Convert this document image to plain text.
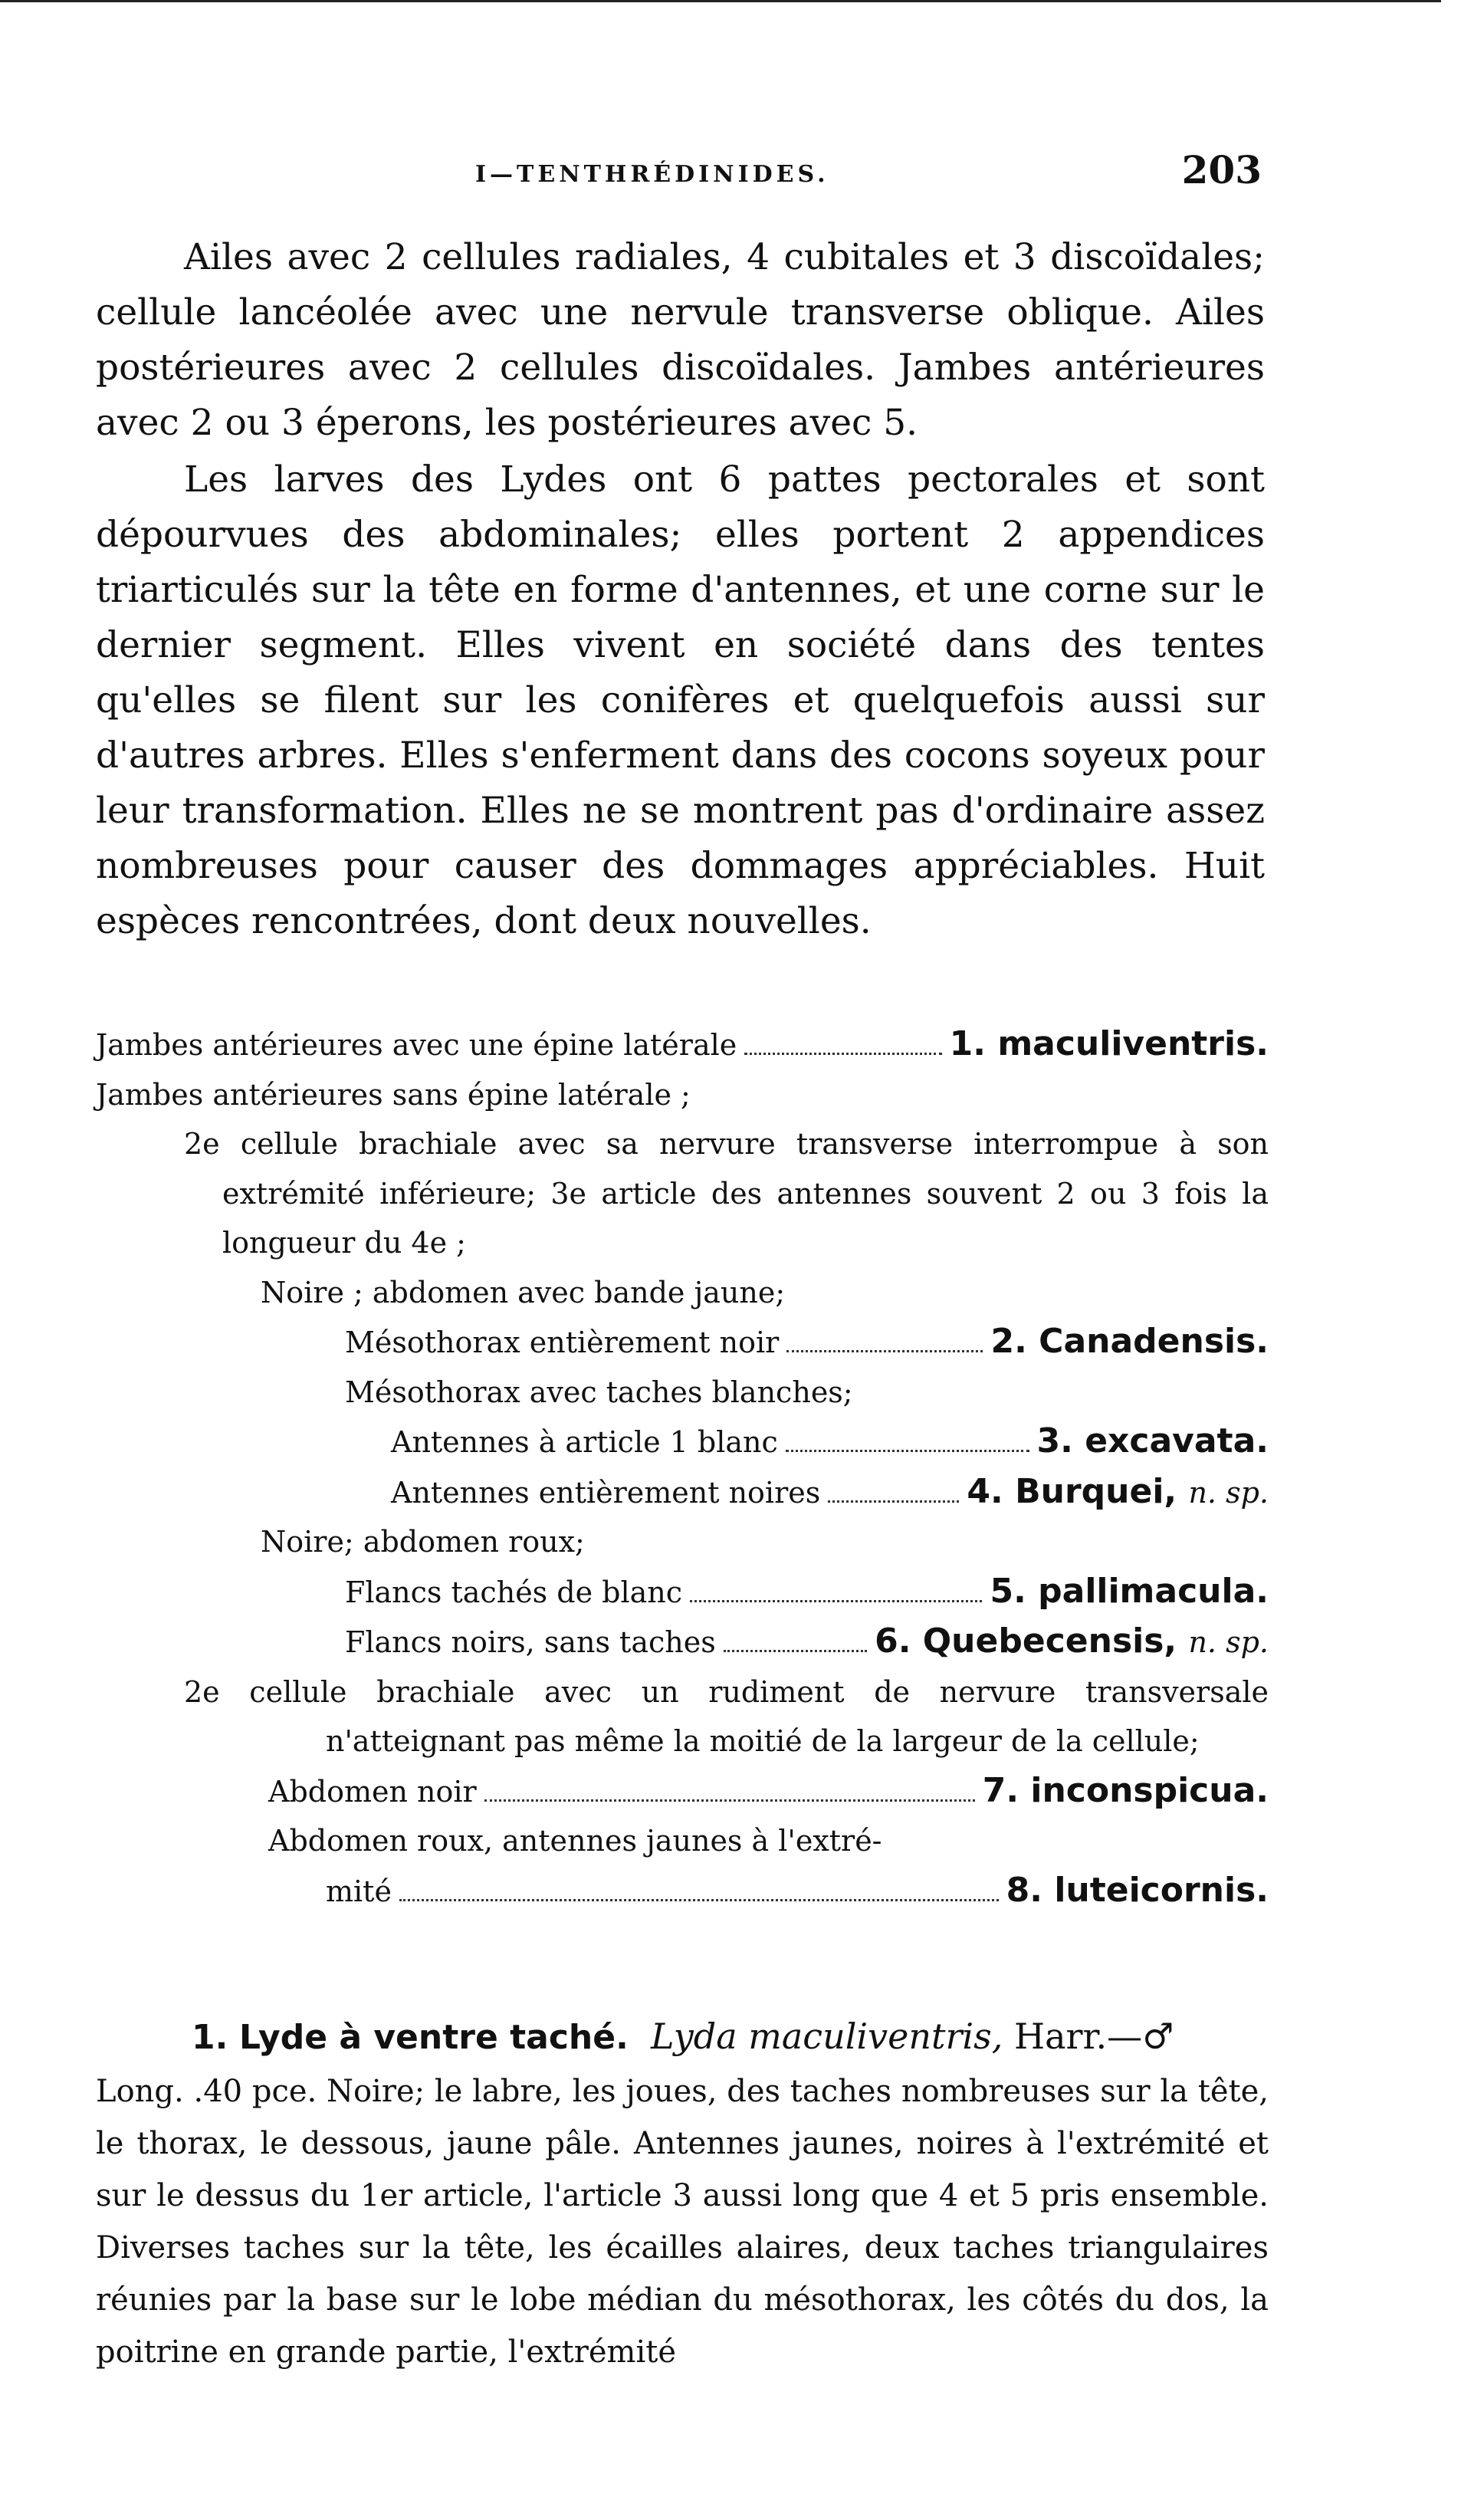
I—TENTHRÉDINIDES.	203
Ailes avec 2 cellules radiales, 4 cubitales et 3 discoïdales; cellule lancéolée avec une nervule transverse oblique. Ailes postérieures avec 2 cellules discoïdales. Jambes antérieures avec 2 ou 3 éperons, les postérieures avec 5.
Les larves des Lydes ont 6 pattes pectorales et sont dépourvues des abdominales; elles portent 2 appendices triarticulés sur la tête en forme d'antennes, et une corne sur le dernier segment. Elles vivent en société dans des tentes qu'elles se filent sur les conifères et quelquefois aussi sur d'autres arbres. Elles s'enferment dans des cocons soyeux pour leur transformation. Elles ne se montrent pas d'ordinaire assez nombreuses pour causer des dommages appréciables. Huit espèces rencontrées, dont deux nouvelles.
Jambes antérieures avec une épine latérale	1. maculiventris.
Jambes antérieures sans épine latérale ;
2e cellule brachiale avec sa nervure transverse interrompue à son extrémité inférieure; 3e article des antennes souvent 2 ou 3 fois la longueur du 4e ;
Noire ; abdomen avec bande jaune;
Mésothorax entièrement noir	2. Canadensis.
Mésothorax avec taches blanches;
Antennes à article 1 blanc	3. excavata.
Antennes entièrement noires	4. Burquei, n. sp.
Noire; abdomen roux;
Flancs tachés de blanc	5. pallimacula.
Flancs noirs, sans taches	6. Quebecensis, n. sp.
2e cellule brachiale avec un rudiment de nervure transversale n'atteignant pas même la moitié de la largeur de la cellule;
Abdomen noir	7. inconspicua.
Abdomen roux, antennes jaunes à l'extré-
mité	8. luteicornis.
1. Lyde à ventre taché. Lyda maculiventris, Harr.—♂
Long. .40 pce. Noire; le labre, les joues, des taches nombreuses sur la tête, le thorax, le dessous, jaune pâle. Antennes jaunes, noires à l'extrémité et sur le dessus du 1er article, l'article 3 aussi long que 4 et 5 pris ensemble. Diverses taches sur la tête, les écailles alaires, deux taches triangulaires réunies par la base sur le lobe médian du mésothorax, les côtés du dos, la poitrine en grande partie, l'extrémité
